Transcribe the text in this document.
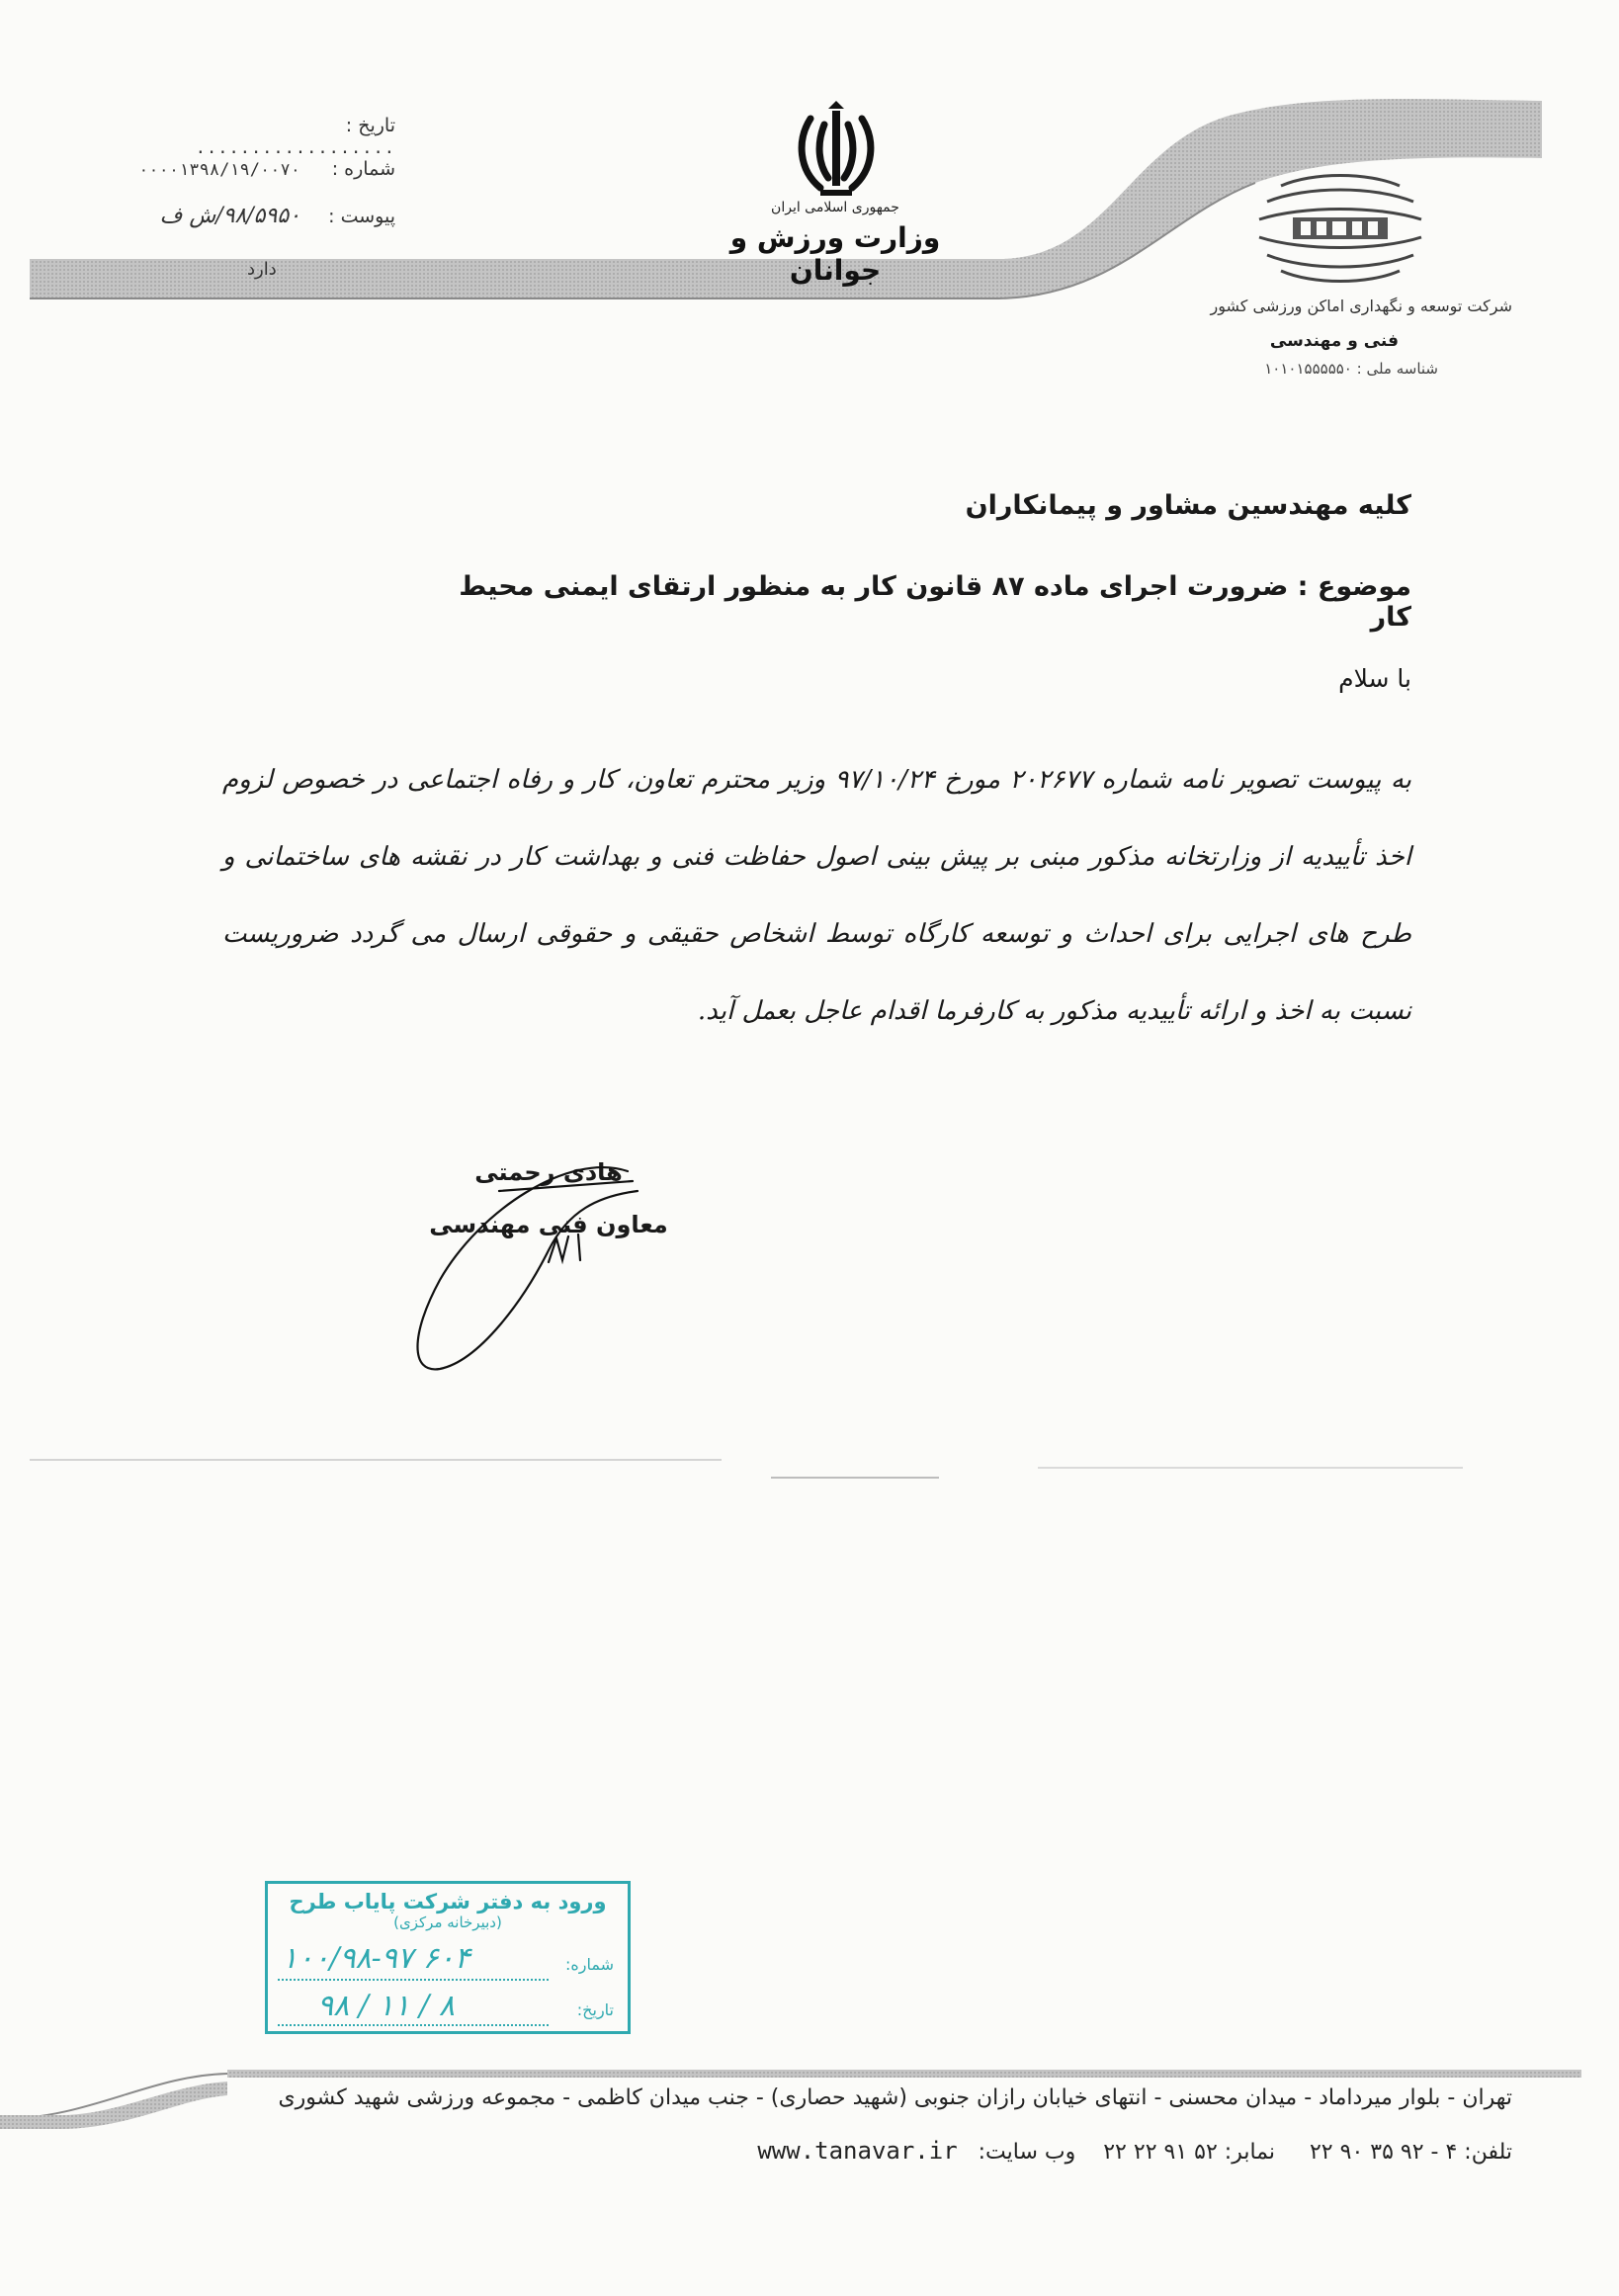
تاریخ : ..................
شماره : ۰۰۰۰۱۳۹۸/۱۹/۰۰۷۰
پیوست : ۹۸/۵۹۵۰/ش ف
دارد
جمهوری اسلامی ایران
وزارت ورزش و جوانان
شرکت توسعه و نگهداری اماکن ورزشی کشور
فنی و مهندسی
شناسه ملی : ۱۰۱۰۱۵۵۵۵۵۰
کلیه مهندسین مشاور و پیمانکاران
موضوع : ضرورت اجرای ماده ۸۷ قانون کار به منظور ارتقای ایمنی محیط کار
با سلام
به پیوست تصویر نامه شماره ۲۰۲۶۷۷ مورخ ۹۷/۱۰/۲۴ وزیر محترم تعاون، کار و رفاه اجتماعی در خصوص لزوم اخذ تأییدیه از وزارتخانه مذکور مبنی بر پیش بینی اصول حفاظت فنی و بهداشت کار در نقشه های ساختمانی و طرح های اجرایی برای احداث و توسعه کارگاه توسط اشخاص حقیقی و حقوقی ارسال می گردد ضروریست نسبت به اخذ و ارائه تأییدیه مذکور به کارفرما اقدام عاجل بعمل آید.
هادی رحمتی
معاون فنی مهندسی
ورود به دفتر شرکت پایاب طرح
(دبیرخانه مرکزی)
شماره:
۱۰۰/۹۸-۹۷ ۶۰۴
تاریخ:
۹۸ / ۱۱ / ۸
تهران - بلوار میرداماد - میدان محسنی - انتهای خیابان رازان جنوبی (شهید حصاری) - جنب میدان کاظمی - مجموعه ورزشی شهید کشوری
تلفن: ۴ - ۹۲ ۳۵ ۹۰ ۲۲     نمابر: ۵۲ ۹۱ ۲۲ ۲۲    وب سایت:   www.tanavar.ir
